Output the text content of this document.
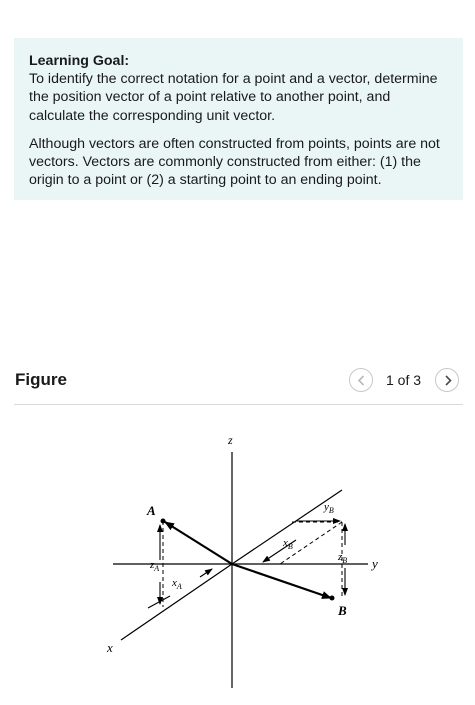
Learning Goal:

To identify the correct notation for a point and a vector, determine the position vector of a point relative to another point, and calculate the corresponding unit vector.

Although vectors are often constructed from points, points are not vectors. Vectors are commonly constructed from either: (1) the origin to a point or (2) a starting point to an ending point.

Figure	1 of 3
z
y
x
A
B
$z_A$
$x_A$
$y_B$
$x_B$
$z_B$
